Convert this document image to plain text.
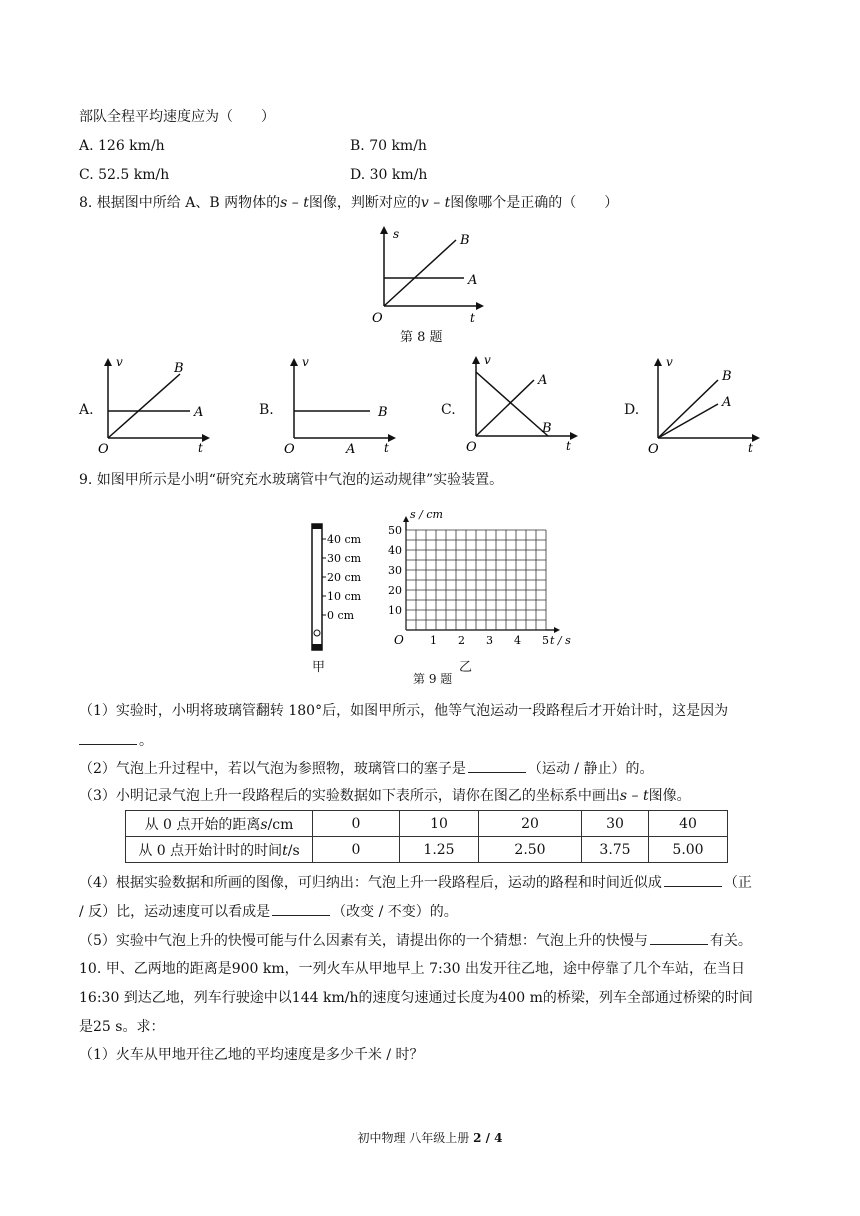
部队全程平均速度应为（　　）
A. 126 km/h	B. 70 km/h
C. 52.5 km/h	D. 30 km/h
8. 根据图中所给 A、B 两物体的s – t图像，判断对应的v – t图像哪个是正确的（　　）
s	B
A
O	t
第 8 题
A.
v	B
A
O	t
B.
v
B
O	A t
C.
v
A
B
O	t
D.
v
B
A
O	t
9. 如图甲所示是小明“研究充水玻璃管中气泡的运动规律”实验装置。
40 cm
30 cm
20 cm
10 cm
0 cm
甲
50
40
30
20
10
1 2 3 4 5
O
s / cm
t / s
乙
第 9 题
（1）实验时，小明将玻璃管翻转 180°后，如图甲所示，他等气泡运动一段路程后才开始计时，这是因为
。
（2）气泡上升过程中，若以气泡为参照物，玻璃管口的塞子是	（运动 / 静止）的。
（3）小明记录气泡上升一段路程后的实验数据如下表所示，请你在图乙的坐标系中画出s – t图像。
从 0 点开始的距离s/cm	0	10	20	30	40
从 0 点开始计时的时间t/s	0	1.25	2.50	3.75	5.00
（4）根据实验数据和所画的图像，可归纳出：气泡上升一段路程后，运动的路程和时间近似成	（正
/ 反）比，运动速度可以看成是	（改变 / 不变）的。
（5）实验中气泡上升的快慢可能与什么因素有关，请提出你的一个猜想：气泡上升的快慢与	有关。
10. 甲、乙两地的距离是900 km，一列火车从甲地早上 7:30 出发开往乙地，途中停靠了几个车站，在当日
16:30 到达乙地，列车行驶途中以144 km/h的速度匀速通过长度为400 m的桥梁，列车全部通过桥梁的时间
是25 s。求：
（1）火车从甲地开往乙地的平均速度是多少千米 / 时？
初中物理 八年级上册 2 / 4
